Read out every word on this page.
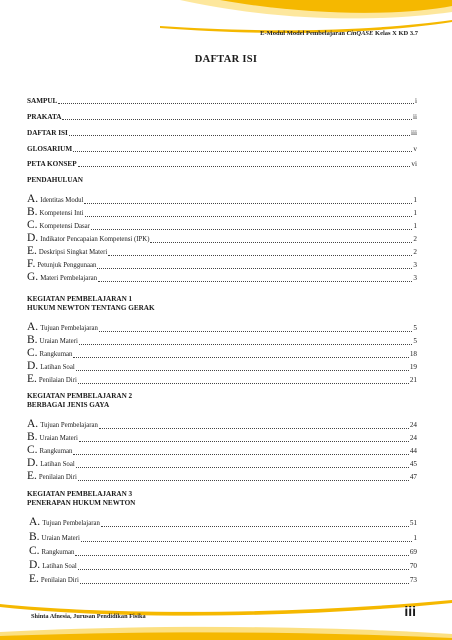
E-Modul Model Pembelajaran CinQASE Kelas X KD 3.7
DAFTAR ISI
SAMPUL	i
PRAKATA	ii
DAFTAR ISI	iii
GLOSARIUM	v
PETA KONSEP	vi
PENDAHULUAN
A. Identitas Modul	1
B. Kompetensi Inti	1
C. Kompetensi Dasar	1
D. Indikator Pencapaian Kompetensi (IPK)	2
E. Deskripsi Singkat Materi	2
F. Petunjuk Penggunaan	3
G. Materi Pembelajaran	3
KEGIATAN PEMBELAJARAN 1
HUKUM NEWTON TENTANG GERAK
A. Tujuan Pembelajaran	5
B. Uraian Materi	5
C. Rangkuman	18
D. Latihan Soal	19
E. Penilaian Diri	21
KEGIATAN PEMBELAJARAN 2
BERBAGAI JENIS GAYA
A. Tujuan Pembelajaran	24
B. Uraian Materi	24
C. Rangkuman	44
D. Latihan Soal	45
E. Penilaian Diri	47
KEGIATAN PEMBELAJARAN 3
PENERAPAN HUKUM NEWTON
A. Tujuan Pembelajaran	51
B. Uraian Materi	1
C. Rangkuman	69
D. Latihan Soal	70
E. Penilaian Diri	73
Shinta Afnesia, Jurusan Pendidikan Fisika	iii
